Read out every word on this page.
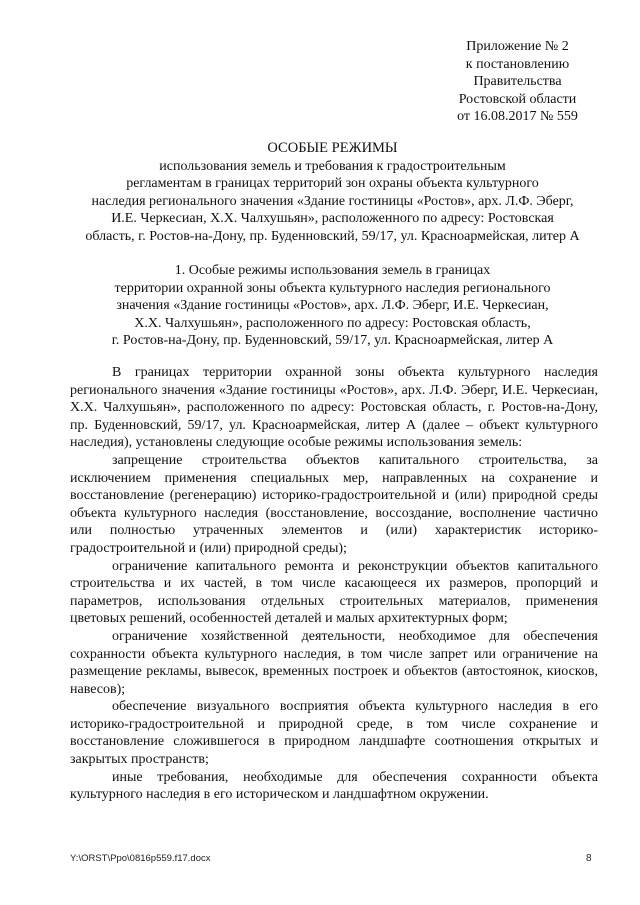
Приложение № 2
к постановлению
Правительства
Ростовской области
от 16.08.2017 № 559
ОСОБЫЕ РЕЖИМЫ
использования земель и требования к градостроительным
регламентам в границах территорий зон охраны объекта культурного
наследия регионального значения «Здание гостиницы «Ростов», арх. Л.Ф. Эберг,
И.Е. Черкесиан, Х.Х. Чалхушьян», расположенного по адресу: Ростовская
область, г. Ростов-на-Дону, пр. Буденновский, 59/17, ул. Красноармейская, литер А
1. Особые режимы использования земель в границах
территории охранной зоны объекта культурного наследия регионального
значения «Здание гостиницы «Ростов», арх. Л.Ф. Эберг, И.Е. Черкесиан,
Х.Х. Чалхушьян», расположенного по адресу: Ростовская область,
г. Ростов-на-Дону, пр. Буденновский, 59/17, ул. Красноармейская, литер А

В границах территории охранной зоны объекта культурного наследия регионального значения «Здание гостиницы «Ростов», арх. Л.Ф. Эберг, И.Е. Черкесиан, Х.Х. Чалхушьян», расположенного по адресу: Ростовская область, г. Ростов-на-Дону, пр. Буденновский, 59/17, ул. Красноармейская, литер А (далее – объект культурного наследия), установлены следующие особые режимы использования земель:

запрещение строительства объектов капитального строительства, за исключением применения специальных мер, направленных на сохранение и восстановление (регенерацию) историко-градостроительной и (или) природной среды объекта культурного наследия (восстановление, воссоздание, восполнение частично или полностью утраченных элементов и (или) характеристик историко-градостроительной и (или) природной среды);

ограничение капитального ремонта и реконструкции объектов капитального строительства и их частей, в том числе касающееся их размеров, пропорций и параметров, использования отдельных строительных материалов, применения цветовых решений, особенностей деталей и малых архитектурных форм;

ограничение хозяйственной деятельности, необходимое для обеспечения сохранности объекта культурного наследия, в том числе запрет или ограничение на размещение рекламы, вывесок, временных построек и объектов (автостоянок, киосков, навесов);

обеспечение визуального восприятия объекта культурного наследия в его историко-градостроительной и природной среде, в том числе сохранение и восстановление сложившегося в природном ландшафте соотношения открытых и закрытых пространств;

иные требования, необходимые для обеспечения сохранности объекта культурного наследия в его историческом и ландшафтном окружении.

Y:\ORST\Ppo\0816p559.f17.docx	8
